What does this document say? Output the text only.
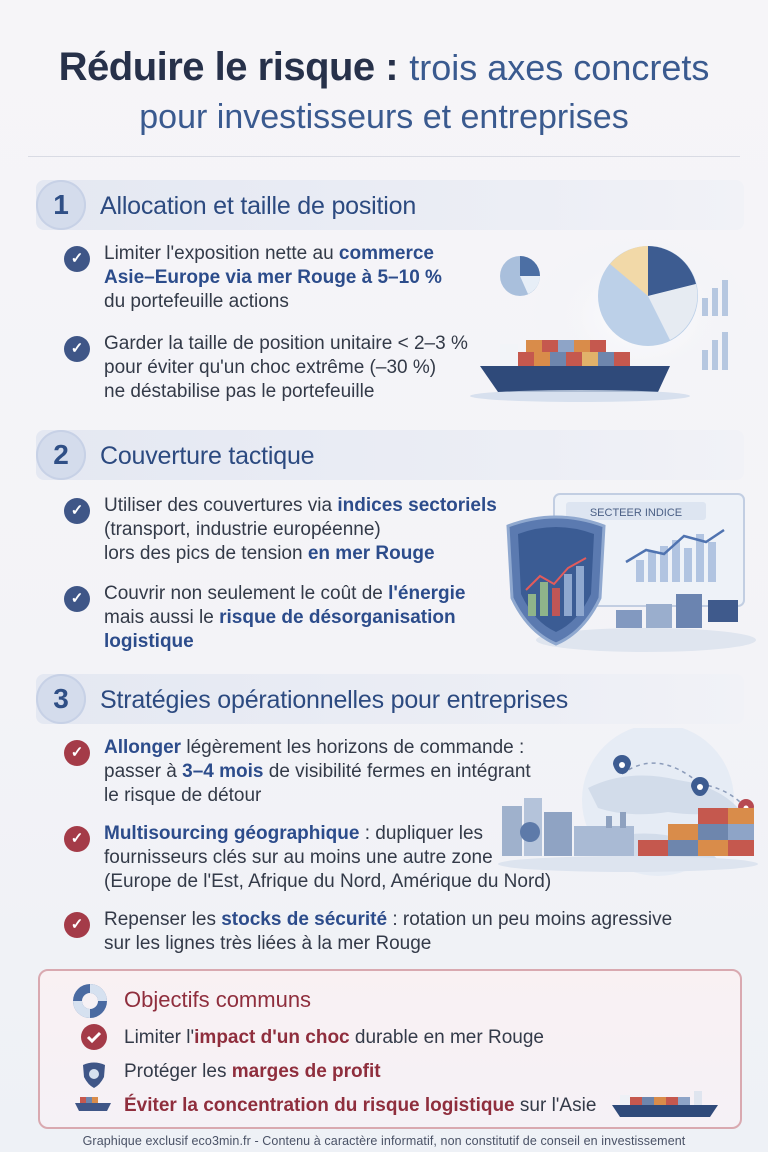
Réduire le risque : trois axes concrets
pour investisseurs et entreprises
1	Allocation et taille de position
✓	Limiter l'exposition nette au commerce
Asie–Europe via mer Rouge à 5–10 %
du portefeuille actions
✓	Garder la taille de position unitaire < 2–3 %
pour éviter qu'un choc extrême (–30 %)
ne déstabilise pas le portefeuille
2	Couverture tactique
✓	Utiliser des couvertures via indices sectoriels
(transport, industrie européenne)
lors des pics de tension en mer Rouge
✓	Couvrir non seulement le coût de l'énergie
mais aussi le risque de désorganisation
logistique
SECTEER INDICE
3	Stratégies opérationnelles pour entreprises
✓	Allonger légèrement les horizons de commande :
passer à 3–4 mois de visibilité fermes en intégrant
le risque de détour
✓	Multisourcing géographique : dupliquer les
fournisseurs clés sur au moins une autre zone
(Europe de l'Est, Afrique du Nord, Amérique du Nord)
✓	Repenser les stocks de sécurité : rotation un peu moins agressive
sur les lignes très liées à la mer Rouge
Objectifs communs
Limiter l'impact d'un choc durable en mer Rouge
Protéger les marges de profit
Éviter la concentration du risque logistique sur l'Asie
Graphique exclusif eco3min.fr - Contenu à caractère informatif, non constitutif de conseil en investissement
